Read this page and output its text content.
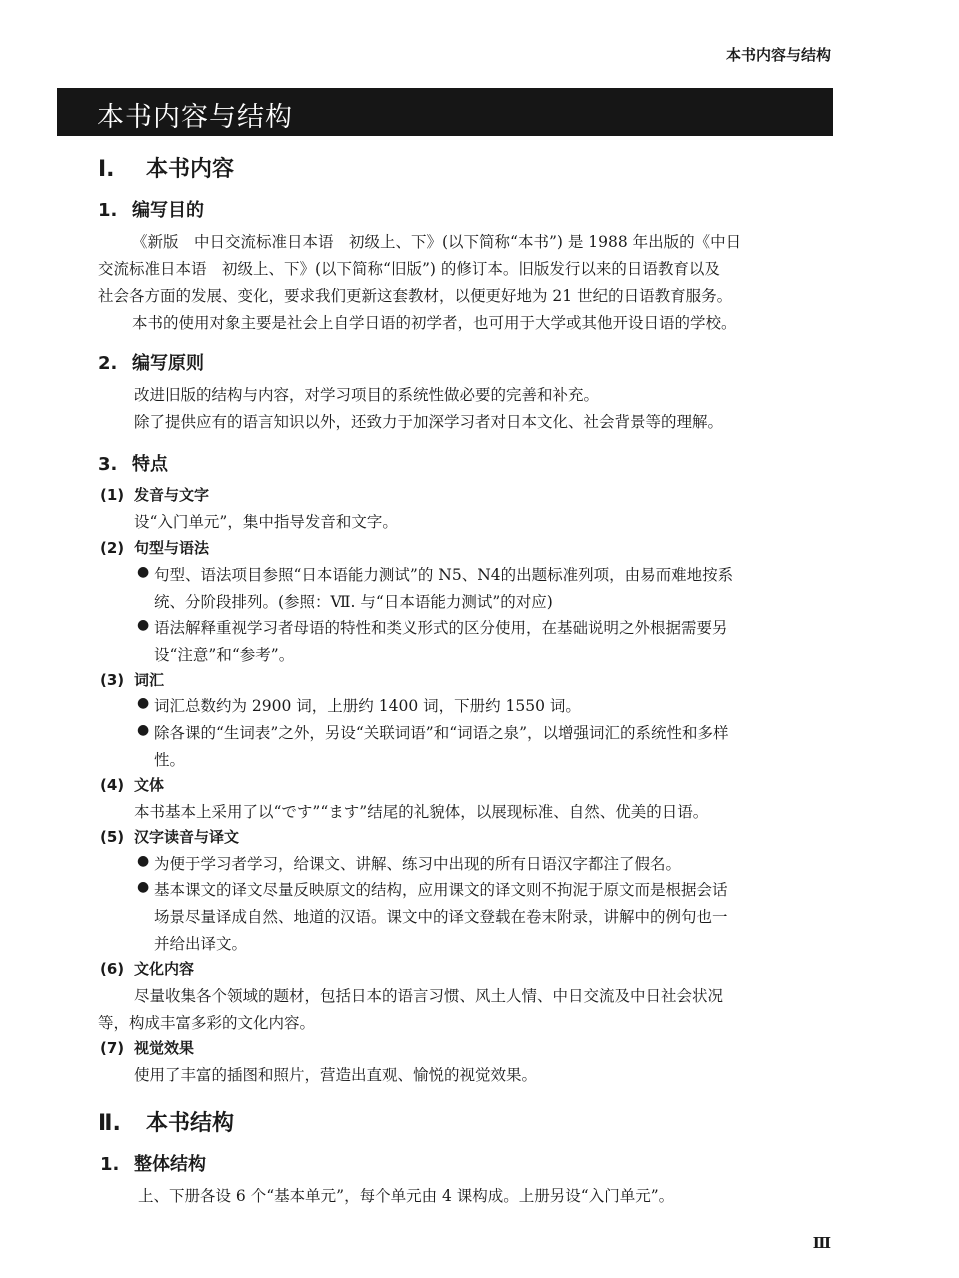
本书内容与结构
本书内容与结构
Ⅰ. 本书内容
1. 编写目的
《新版　中日交流标准日本语　初级上、下》(以下简称“本书”) 是 1988 年出版的《中日
交流标准日本语　初级上、下》(以下简称“旧版”) 的修订本。旧版发行以来的日语教育以及
社会各方面的发展、变化，要求我们更新这套教材，以便更好地为 21 世纪的日语教育服务。
本书的使用对象主要是社会上自学日语的初学者，也可用于大学或其他开设日语的学校。
2. 编写原则
改进旧版的结构与内容，对学习项目的系统性做必要的完善和补充。
除了提供应有的语言知识以外，还致力于加深学习者对日本文化、社会背景等的理解。
3. 特点
(1) 发音与文字
设“入门单元”，集中指导发音和文字。
(2) 句型与语法
● 句型、语法项目参照“日本语能力测试”的 N5、N4的出题标准列项，由易而难地按系
统、分阶段排列。(参照：Ⅶ. 与“日本语能力测试”的对应)
● 语法解释重视学习者母语的特性和类义形式的区分使用，在基础说明之外根据需要另
设“注意”和“参考”。
(3) 词汇
● 词汇总数约为 2900 词，上册约 1400 词，下册约 1550 词。
● 除各课的“生词表”之外，另设“关联词语”和“词语之泉”，以增强词汇的系统性和多样
性。
(4) 文体
本书基本上采用了以“です”“ます”结尾的礼貌体，以展现标准、自然、优美的日语。
(5) 汉字读音与译文
● 为便于学习者学习，给课文、讲解、练习中出现的所有日语汉字都注了假名。
● 基本课文的译文尽量反映原文的结构，应用课文的译文则不拘泥于原文而是根据会话
场景尽量译成自然、地道的汉语。课文中的译文登载在卷末附录，讲解中的例句也一
并给出译文。
(6) 文化内容
尽量收集各个领域的题材，包括日本的语言习惯、风土人情、中日交流及中日社会状况
等，构成丰富多彩的文化内容。
(7) 视觉效果
使用了丰富的插图和照片，营造出直观、愉悦的视觉效果。
Ⅱ. 本书结构
1. 整体结构
上、下册各设 6 个“基本单元”，每个单元由 4 课构成。上册另设“入门单元”。
Ⅲ
